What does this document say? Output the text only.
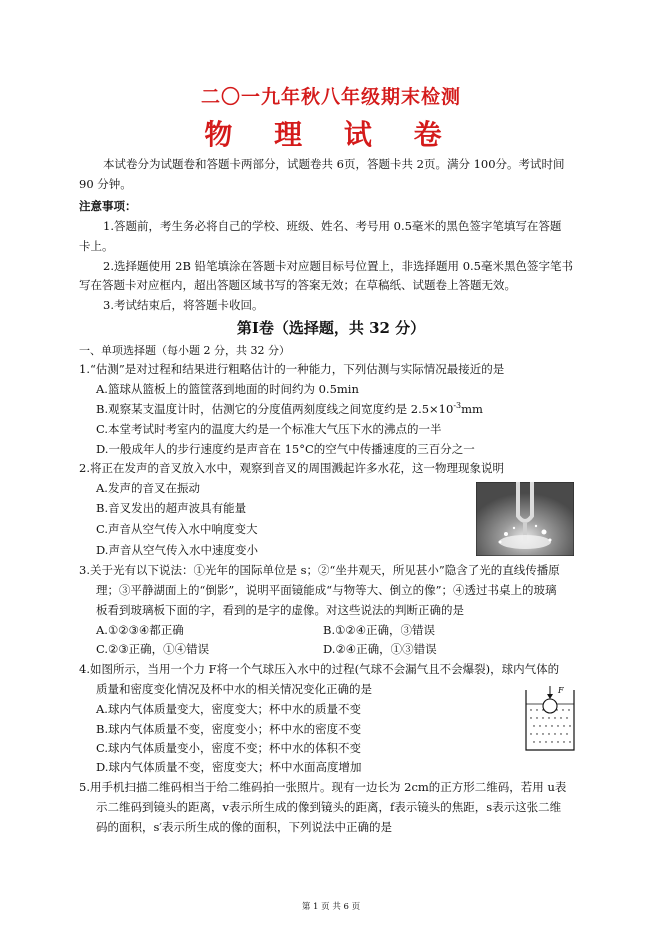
二〇一九年秋八年级期末检测
物 理 试 卷
本试卷分为试题卷和答题卡两部分，试题卷共 6页，答题卡共 2页。满分 100分。考试时间
90 分钟。
注意事项：
1.答题前，考生务必将自己的学校、班级、姓名、考号用 0.5毫米的黑色签字笔填写在答题
卡上。
2.选择题使用 2B 铅笔填涂在答题卡对应题目标号位置上，非选择题用 0.5毫米黑色签字笔书
写在答题卡对应框内，超出答题区域书写的答案无效；在草稿纸、试题卷上答题无效。
3.考试结束后，将答题卡收回。
第Ⅰ卷（选择题，共 32 分）
一、单项选择题（每小题 2 分，共 32 分）
1.“估测”是对过程和结果进行粗略估计的一种能力，下列估测与实际情况最接近的是
A.篮球从篮板上的篮筐落到地面的时间约为 0.5min
B.观察某支温度计时，估测它的分度值两刻度线之间宽度约是 $2.5\times 10^{-3}mm$
C.本堂考试时考室内的温度大约是一个标准大气压下水的沸点的一半
D.一般成年人的步行速度约是声音在 15°C的空气中传播速度的三百分之一
2.将正在发声的音叉放入水中，观察到音叉的周围溅起许多水花，这一物理现象说明
A.发声的音叉在振动
B.音叉发出的超声波具有能量
C.声音从空气传入水中响度变大
D.声音从空气传入水中速度变小
3.关于光有以下说法：①光年的国际单位是 s；②“坐井观天，所见甚小”隐含了光的直线传播原
理；③平静湖面上的“倒影”，说明平面镜能成“与物等大、倒立的像”；④透过书桌上的玻璃
板看到玻璃板下面的字，看到的是字的虚像。对这些说法的判断正确的是
A.①②③④都正确	B.①②④正确，③错误
C.②③正确，①④错误	D.②④正确，①③错误
4.如图所示，当用一个力 F将一个气球压入水中的过程(气球不会漏气且不会爆裂)，球内气体的
质量和密度变化情况及杯中水的相关情况变化正确的是
A.球内气体质量变大，密度变大；杯中水的质量不变
B.球内气体质量不变，密度变小；杯中水的密度不变
C.球内气体质量变小，密度不变；杯中水的体积不变
D.球内气体质量不变，密度变大；杯中水面高度增加
F
5.用手机扫描二维码相当于给二维码拍一张照片。现有一边长为 2cm的正方形二维码，若用 u表
示二维码到镜头的距离，v表示所生成的像到镜头的距离，f表示镜头的焦距，s表示这张二维
码的面积，s′表示所生成的像的面积，下列说法中正确的是
第 1 页 共 6 页
